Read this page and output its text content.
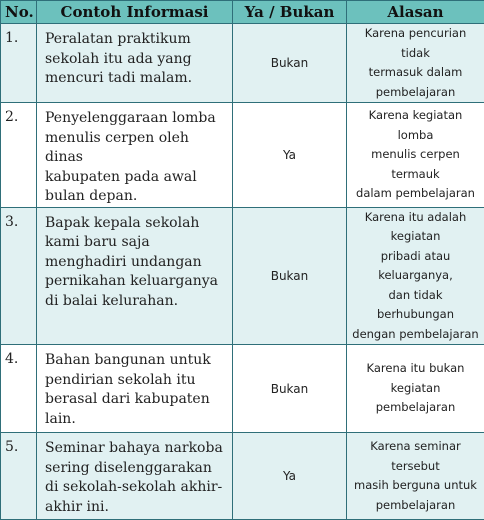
No.	Contoh Informasi	Ya / Bukan	Alasan
1.	Peralatan praktikum
sekolah itu ada yang
mencuri tadi malam.	Bukan	Karena pencurian tidak
termasuk dalam
pembelajaran
2.	Penyelenggaraan lomba
menulis cerpen oleh dinas
kabupaten pada awal
bulan depan.	Ya	Karena kegiatan lomba
menulis cerpen termauk
dalam pembelajaran
3.	Bapak kepala sekolah
kami baru saja
menghadiri undangan
pernikahan keluarganya
di balai kelurahan.	Bukan	Karena itu adalah kegiatan
pribadi atau keluarganya,
dan tidak berhubungan
dengan pembelajaran
4.	Bahan bangunan untuk
pendirian sekolah itu
berasal dari kabupaten
lain.	Bukan	Karena itu bukan
kegiatan
pembelajaran
5.	Seminar bahaya narkoba
sering diselenggarakan
di sekolah-sekolah akhir-
akhir ini.	Ya	Karena seminar tersebut
masih berguna untuk
pembelajaran
